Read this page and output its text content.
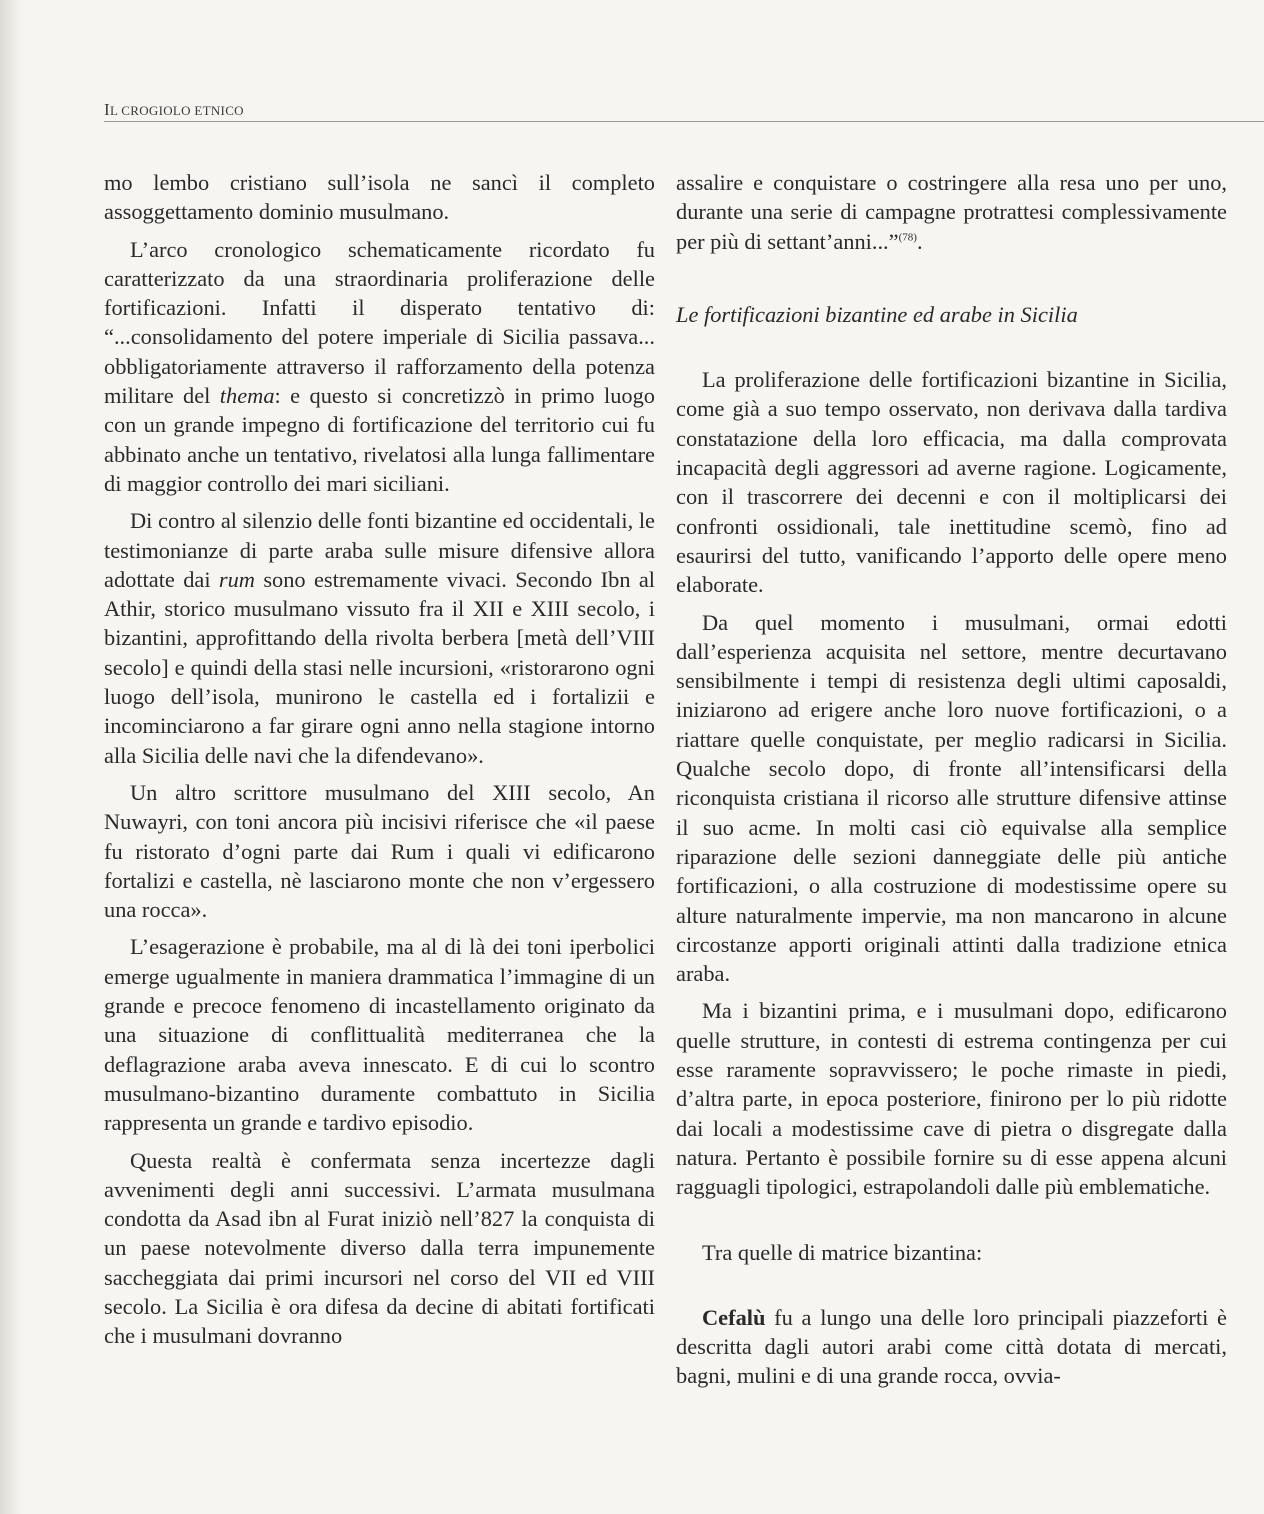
IL CROGIOLO ETNICO

mo lembo cristiano sull’isola ne sancì il completo assoggettamento dominio musulmano.

L’arco cronologico schematicamente ricordato fu caratterizzato da una straordinaria proliferazione delle fortificazioni. Infatti il disperato tentativo di: “...consolidamento del potere imperiale di Sicilia passava... obbligatoriamente attraverso il rafforzamento della potenza militare del thema: e questo si concretizzò in primo luogo con un grande impegno di fortificazione del territorio cui fu abbinato anche un tentativo, rivelatosi alla lunga fallimentare di maggior controllo dei mari siciliani.

Di contro al silenzio delle fonti bizantine ed occidentali, le testimonianze di parte araba sulle misure difensive allora adottate dai rum sono estremamente vivaci. Secondo Ibn al Athir, storico musulmano vissuto fra il XII e XIII secolo, i bizantini, approfittando della rivolta berbera [metà dell’VIII secolo] e quindi della stasi nelle incursioni, «ristorarono ogni luogo dell’isola, munirono le castella ed i fortalizii e incominciarono a far girare ogni anno nella stagione intorno alla Sicilia delle navi che la difendevano».

Un altro scrittore musulmano del XIII secolo, An Nuwayri, con toni ancora più incisivi riferisce che «il paese fu ristorato d’ogni parte dai Rum i quali vi edificarono fortalizi e castella, nè lasciarono monte che non v’ergessero una rocca».

L’esagerazione è probabile, ma al di là dei toni iperbolici emerge ugualmente in maniera drammatica l’immagine di un grande e precoce fenomeno di incastellamento originato da una situazione di conflittualità mediterranea che la deflagrazione araba aveva innescato. E di cui lo scontro musulmano-bizantino duramente combattuto in Sicilia rappresenta un grande e tardivo episodio.

Questa realtà è confermata senza incertezze dagli avvenimenti degli anni successivi. L’armata musulmana condotta da Asad ibn al Furat iniziò nell’827 la conquista di un paese notevolmente diverso dalla terra impunemente saccheggiata dai primi incursori nel corso del VII ed VIII secolo. La Sicilia è ora difesa da decine di abitati fortificati che i musulmani dovranno

assalire e conquistare o costringere alla resa uno per uno, durante una serie di campagne protrattesi complessivamente per più di settant’anni...”$^{(78)}$.

Le fortificazioni bizantine ed arabe in Sicilia

La proliferazione delle fortificazioni bizantine in Sicilia, come già a suo tempo osservato, non derivava dalla tardiva constatazione della loro efficacia, ma dalla comprovata incapacità degli aggressori ad averne ragione. Logicamente, con il trascorrere dei decenni e con il moltiplicarsi dei confronti ossidionali, tale inettitudine scemò, fino ad esaurirsi del tutto, vanificando l’apporto delle opere meno elaborate.

Da quel momento i musulmani, ormai edotti dall’esperienza acquisita nel settore, mentre decurtavano sensibilmente i tempi di resistenza degli ultimi caposaldi, iniziarono ad erigere anche loro nuove fortificazioni, o a riattare quelle conquistate, per meglio radicarsi in Sicilia. Qualche secolo dopo, di fronte all’intensificarsi della riconquista cristiana il ricorso alle strutture difensive attinse il suo acme. In molti casi ciò equivalse alla semplice riparazione delle sezioni danneggiate delle più antiche fortificazioni, o alla costruzione di modestissime opere su alture naturalmente impervie, ma non mancarono in alcune circostanze apporti originali attinti dalla tradizione etnica araba.

Ma i bizantini prima, e i musulmani dopo, edificarono quelle strutture, in contesti di estrema contingenza per cui esse raramente sopravvissero; le poche rimaste in piedi, d’altra parte, in epoca posteriore, finirono per lo più ridotte dai locali a modestissime cave di pietra o disgregate dalla natura. Pertanto è possibile fornire su di esse appena alcuni ragguagli tipologici, estrapolandoli dalle più emblematiche.

Tra quelle di matrice bizantina:

Cefalù fu a lungo una delle loro principali piazzeforti è descritta dagli autori arabi come città dotata di mercati, bagni, mulini e di una grande rocca, ovvia-
